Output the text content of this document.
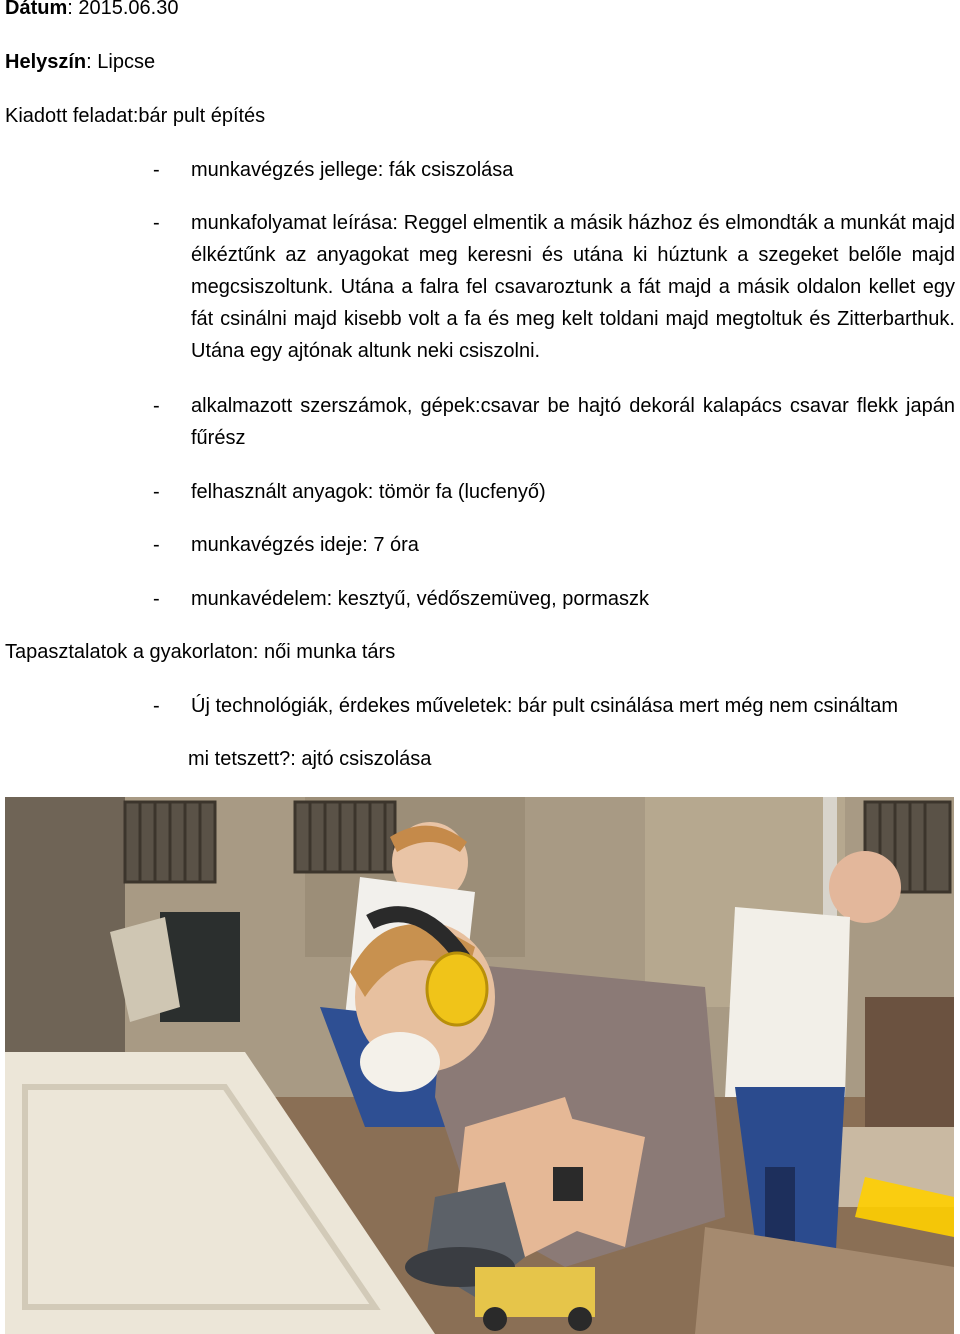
Dátum: 2015.06.30
Helyszín: Lipcse
Kiadott feladat:bár pult építés
- munkavégzés jellege: fák csiszolása
- munkafolyamat leírása: Reggel elmentik a másik házhoz és elmondták a munkát majd élkéztűnk az anyagokat meg keresni és utána ki húztunk a szegeket belőle majd megcsiszoltunk. Utána a falra fel csavaroztunk a fát majd a másik oldalon kellet egy fát csinálni majd kisebb volt a fa és meg kelt toldani majd megtoltuk és Zitterbarthuk. Utána egy ajtónak altunk neki csiszolni.
- alkalmazott szerszámok, gépek:csavar be hajtó dekorál kalapács csavar flekk japán fűrész
- felhasznált anyagok: tömör fa (lucfenyő)
- munkavégzés ideje: 7 óra
- munkavédelem: kesztyű, védőszemüveg, pormaszk
Tapasztalatok a gyakorlaton: női munka társ
- Új technológiák, érdekes műveletek: bár pult csinálása mert még nem csináltam
mi tetszett?: ajtó csiszolása
